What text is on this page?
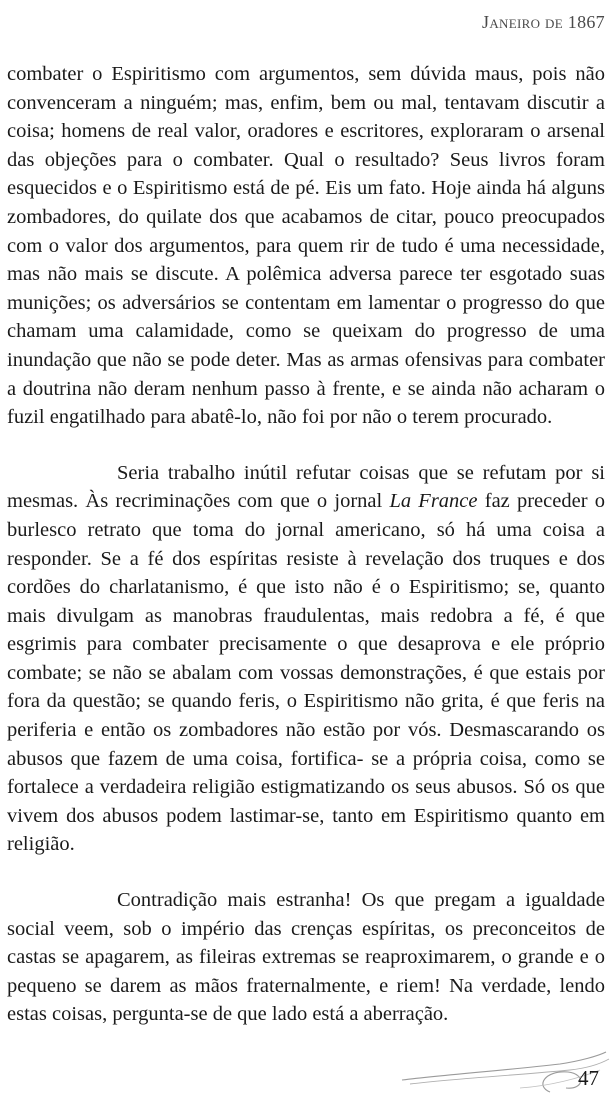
Janeiro de 1867

combater o Espiritismo com argumentos, sem dúvida maus, pois não convenceram a ninguém; mas, enfim, bem ou mal, tentavam discutir a coisa; homens de real valor, oradores e escritores, exploraram o arsenal das objeções para o combater. Qual o resultado? Seus livros foram esquecidos e o Espiritismo está de pé. Eis um fato. Hoje ainda há alguns zombadores, do quilate dos que acabamos de citar, pouco preocupados com o valor dos argumentos, para quem rir de tudo é uma necessidade, mas não mais se discute. A polêmica adversa parece ter esgotado suas munições; os adversários se contentam em lamentar o progresso do que chamam uma calamidade, como se queixam do progresso de uma inundação que não se pode deter. Mas as armas ofensivas para combater a doutrina não deram nenhum passo à frente, e se ainda não acharam o fuzil engatilhado para abatê-lo, não foi por não o terem procurado.

Seria trabalho inútil refutar coisas que se refutam por si mesmas. Às recriminações com que o jornal La France faz preceder o burlesco retrato que toma do jornal americano, só há uma coisa a responder. Se a fé dos espíritas resiste à revelação dos truques e dos cordões do charlatanismo, é que isto não é o Espiritismo; se, quanto mais divulgam as manobras fraudulentas, mais redobra a fé, é que esgrimis para combater precisamente o que desaprova e ele próprio combate; se não se abalam com vossas demonstrações, é que estais por fora da questão; se quando feris, o Espiritismo não grita, é que feris na periferia e então os zombadores não estão por vós. Desmascarando os abusos que fazem de uma coisa, fortifica- se a própria coisa, como se fortalece a verdadeira religião estigmatizando os seus abusos. Só os que vivem dos abusos podem lastimar-se, tanto em Espiritismo quanto em religião.

Contradição mais estranha! Os que pregam a igualdade social veem, sob o império das crenças espíritas, os preconceitos de castas se apagarem, as fileiras extremas se reaproximarem, o grande e o pequeno se darem as mãos fraternalmente, e riem! Na verdade, lendo estas coisas, pergunta-se de que lado está a aberração.

47
